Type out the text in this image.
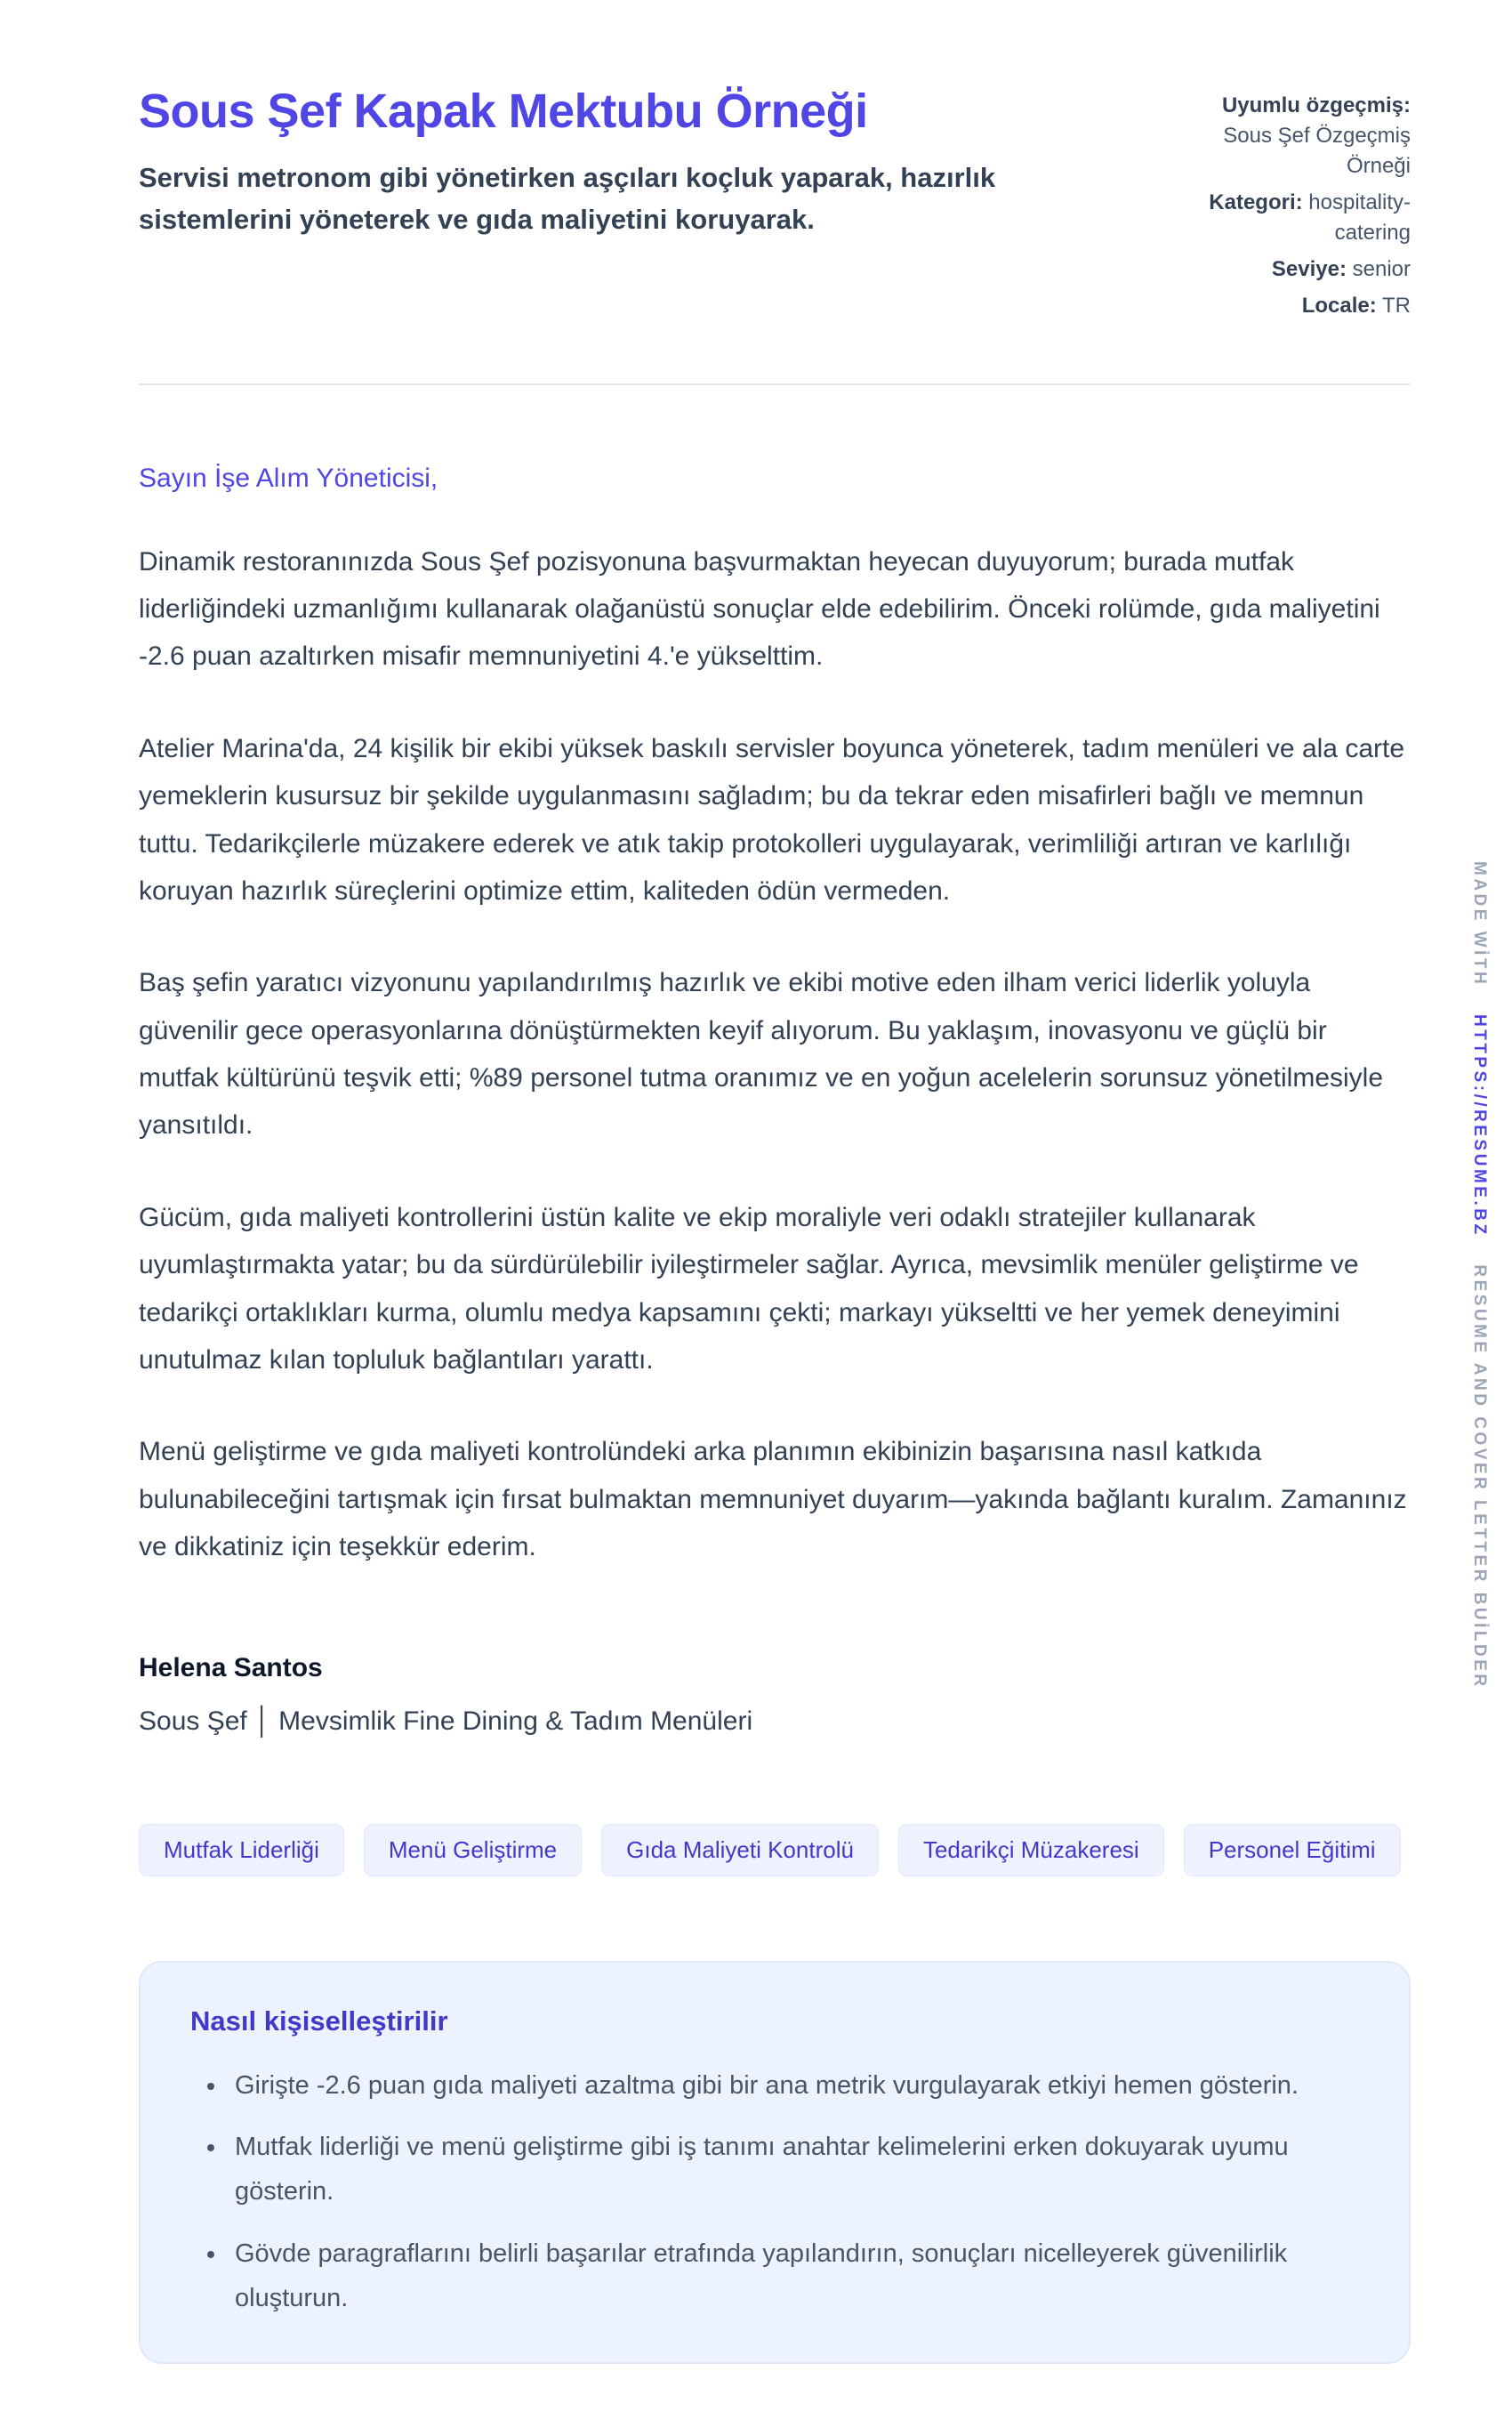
Sous Şef Kapak Mektubu Örneği

Servisi metronom gibi yönetirken aşçıları koçluk yaparak, hazırlık sistemlerini yöneterek ve gıda maliyetini koruyarak.

Uyumlu özgeçmiş: Sous Şef Özgeçmiş Örneği
Kategori: hospitality-catering
Seviye: senior
Locale: TR

Sayın İşe Alım Yöneticisi,

Dinamik restoranınızda Sous Şef pozisyonuna başvurmaktan heyecan duyuyorum; burada mutfak liderliğindeki uzmanlığımı kullanarak olağanüstü sonuçlar elde edebilirim. Önceki rolümde, gıda maliyetini -2.6 puan azaltırken misafir memnuniyetini 4.'e yükselttim.

Atelier Marina'da, 24 kişilik bir ekibi yüksek baskılı servisler boyunca yöneterek, tadım menüleri ve ala carte yemeklerin kusursuz bir şekilde uygulanmasını sağladım; bu da tekrar eden misafirleri bağlı ve memnun tuttu. Tedarikçilerle müzakere ederek ve atık takip protokolleri uygulayarak, verimliliği artıran ve karlılığı koruyan hazırlık süreçlerini optimize ettim, kaliteden ödün vermeden.

Baş şefin yaratıcı vizyonunu yapılandırılmış hazırlık ve ekibi motive eden ilham verici liderlik yoluyla güvenilir gece operasyonlarına dönüştürmekten keyif alıyorum. Bu yaklaşım, inovasyonu ve güçlü bir mutfak kültürünü teşvik etti; %89 personel tutma oranımız ve en yoğun acelelerin sorunsuz yönetilmesiyle yansıtıldı.

Gücüm, gıda maliyeti kontrollerini üstün kalite ve ekip moraliyle veri odaklı stratejiler kullanarak uyumlaştırmakta yatar; bu da sürdürülebilir iyileştirmeler sağlar. Ayrıca, mevsimlik menüler geliştirme ve tedarikçi ortaklıkları kurma, olumlu medya kapsamını çekti; markayı yükseltti ve her yemek deneyimini unutulmaz kılan topluluk bağlantıları yarattı.

Menü geliştirme ve gıda maliyeti kontrolündeki arka planımın ekibinizin başarısına nasıl katkıda bulunabileceğini tartışmak için fırsat bulmaktan memnuniyet duyarım—yakında bağlantı kuralım. Zamanınız ve dikkatiniz için teşekkür ederim.

Helena Santos
Sous Şef │ Mevsimlik Fine Dining & Tadım Menüleri
Mutfak Liderliği	Menü Geliştirme	Gıda Maliyeti Kontrolü	Tedarikçi Müzakeresi	Personel Eğitimi
Nasıl kişiselleştirilir
• Girişte -2.6 puan gıda maliyeti azaltma gibi bir ana metrik vurgulayarak etkiyi hemen gösterin.
• Mutfak liderliği ve menü geliştirme gibi iş tanımı anahtar kelimelerini erken dokuyarak uyumu gösterin.
• Gövde paragraflarını belirli başarılar etrafında yapılandırın, sonuçları nicelleyerek güvenilirlik oluşturun.
MADE WİTH HTTPS://RESUME.BZ RESUME AND COVER LETTER BUİLDER
